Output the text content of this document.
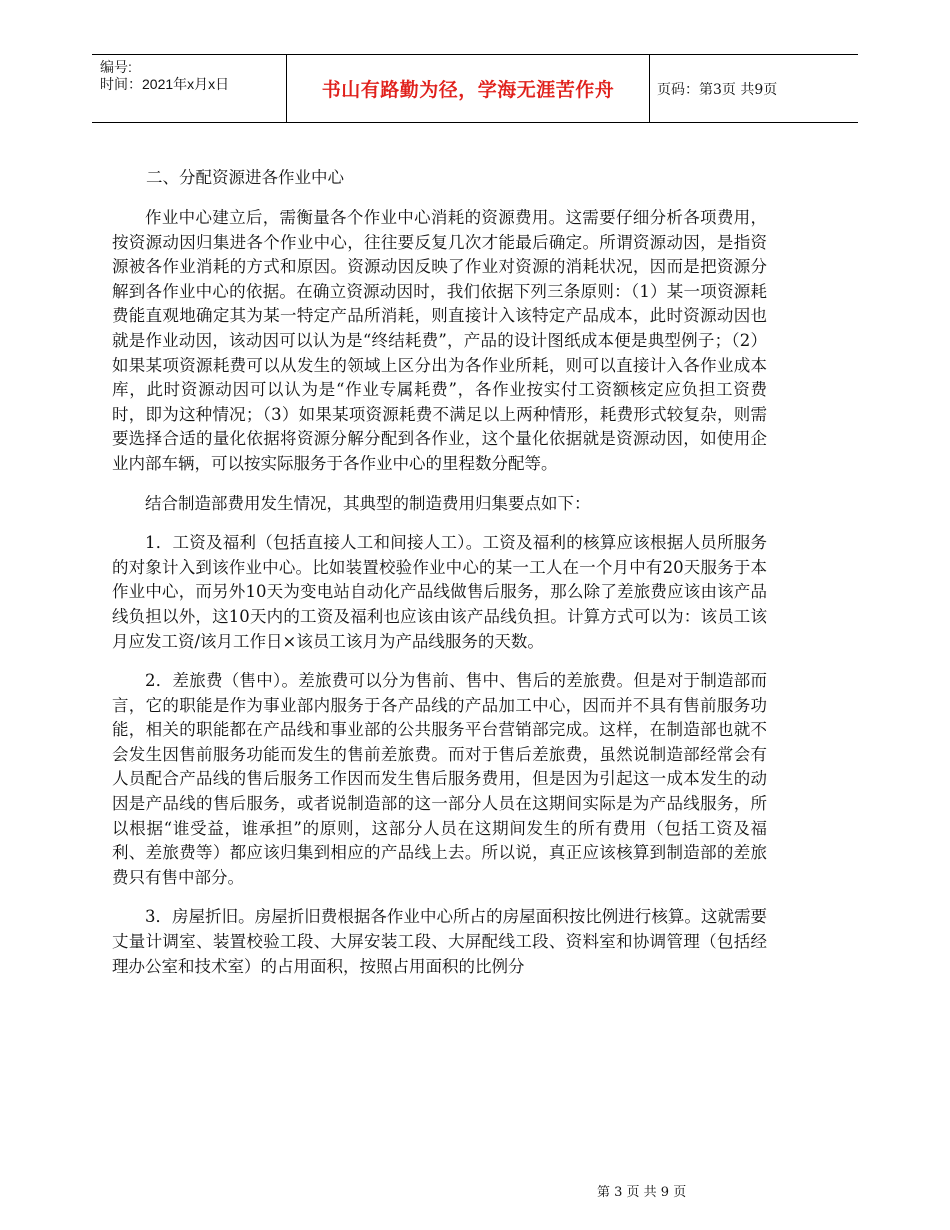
编号:
时间：2021年x月x日	书山有路勤为径，学海无涯苦作舟	页码：第3页 共9页
二、分配资源进各作业中心

作业中心建立后，需衡量各个作业中心消耗的资源费用。这需要仔细分析各项费用，按资源动因归集进各个作业中心，往往要反复几次才能最后确定。所谓资源动因，是指资源被各作业消耗的方式和原因。资源动因反映了作业对资源的消耗状况，因而是把资源分解到各作业中心的依据。在确立资源动因时，我们依据下列三条原则：（1）某一项资源耗费能直观地确定其为某一特定产品所消耗，则直接计入该特定产品成本，此时资源动因也就是作业动因，该动因可以认为是“终结耗费”，产品的设计图纸成本便是典型例子；（2）如果某项资源耗费可以从发生的领域上区分出为各作业所耗，则可以直接计入各作业成本库，此时资源动因可以认为是“作业专属耗费”，各作业按实付工资额核定应负担工资费时，即为这种情况；（3）如果某项资源耗费不满足以上两种情形，耗费形式较复杂，则需要选择合适的量化依据将资源分解分配到各作业，这个量化依据就是资源动因，如使用企业内部车辆，可以按实际服务于各作业中心的里程数分配等。

结合制造部费用发生情况，其典型的制造费用归集要点如下：

1．工资及福利（包括直接人工和间接人工）。工资及福利的核算应该根据人员所服务的对象计入到该作业中心。比如装置校验作业中心的某一工人在一个月中有20天服务于本作业中心，而另外10天为变电站自动化产品线做售后服务，那么除了差旅费应该由该产品线负担以外，这10天内的工资及福利也应该由该产品线负担。计算方式可以为：该员工该月应发工资/该月工作日×该员工该月为产品线服务的天数。

2．差旅费（售中）。差旅费可以分为售前、售中、售后的差旅费。但是对于制造部而言，它的职能是作为事业部内服务于各产品线的产品加工中心，因而并不具有售前服务功能，相关的职能都在产品线和事业部的公共服务平台营销部完成。这样，在制造部也就不会发生因售前服务功能而发生的售前差旅费。而对于售后差旅费，虽然说制造部经常会有人员配合产品线的售后服务工作因而发生售后服务费用，但是因为引起这一成本发生的动因是产品线的售后服务，或者说制造部的这一部分人员在这期间实际是为产品线服务，所以根据“谁受益，谁承担”的原则，这部分人员在这期间发生的所有费用（包括工资及福利、差旅费等）都应该归集到相应的产品线上去。所以说，真正应该核算到制造部的差旅费只有售中部分。

3．房屋折旧。房屋折旧费根据各作业中心所占的房屋面积按比例进行核算。这就需要丈量计调室、装置校验工段、大屏安装工段、大屏配线工段、资料室和协调管理（包括经理办公室和技术室）的占用面积，按照占用面积的比例分

第 3 页 共 9 页
